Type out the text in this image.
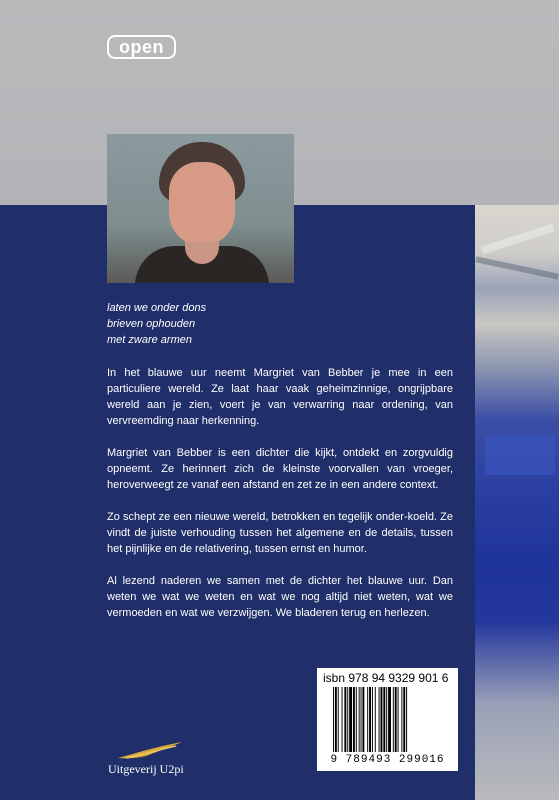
open
laten we onder dons
brieven ophouden
met zware armen

In het blauwe uur neemt Margriet van Bebber je mee in een particuliere wereld. Ze laat haar vaak geheimzinnige, ongrijpbare wereld aan je zien, voert je van verwarring naar ordening, van vervreemding naar herkenning.

Margriet van Bebber is een dichter die kijkt, ontdekt en zorgvuldig opneemt. Ze herinnert zich de kleinste voorvallen van vroeger, heroverweegt ze vanaf een afstand en zet ze in een andere context.

Zo schept ze een nieuwe wereld, betrokken en tegelijk onder-koeld. Ze vindt de juiste verhouding tussen het algemene en de details, tussen het pijnlijke en de relativering, tussen ernst en humor.

Al lezend naderen we samen met de dichter het blauwe uur. Dan weten we wat we weten en wat we nog altijd niet weten, wat we vermoeden en wat we verzwijgen. We bladeren terug en herlezen.

isbn 978 94 9329 901 6
9 789493 299016
Uitgeverij U2pi
